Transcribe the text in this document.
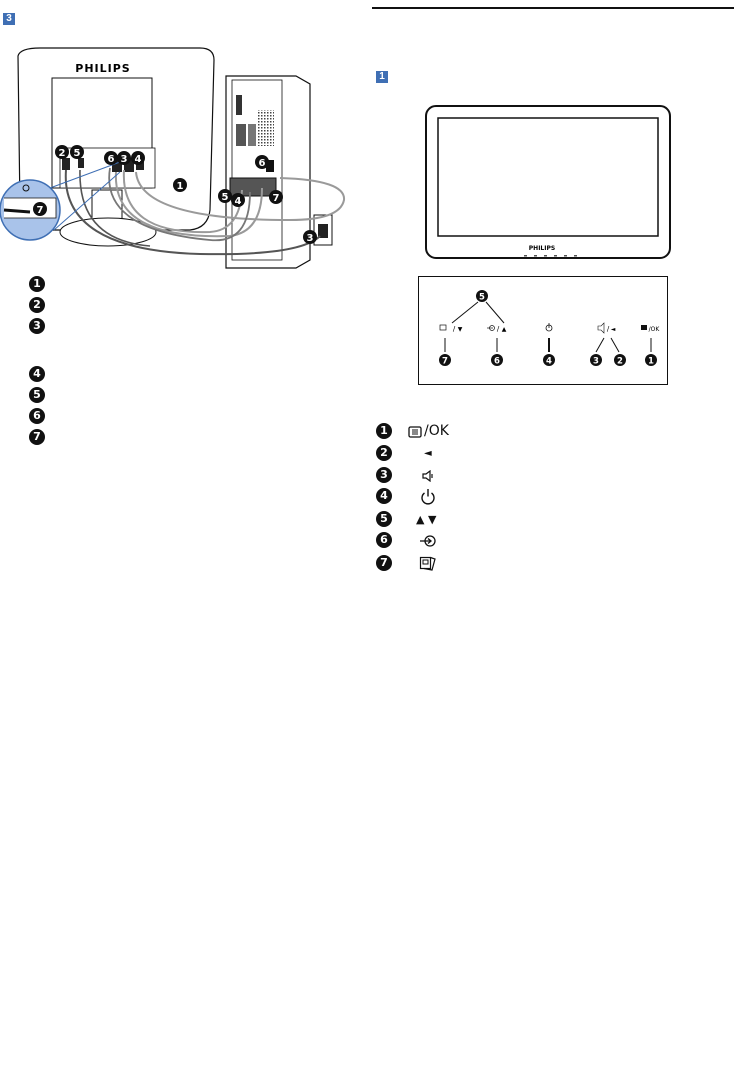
3
1
PHILIPS
2 5
6 3 4
1
7
6
5 4	7
3
1
2
3
4
5
6
7
PHILIPS
5
/ ▼	/ ▲	/ ◄	/OK
7	6	4	3 2	1
1	/OK
2	◄
3
4
5	▲ ▼
6
7
